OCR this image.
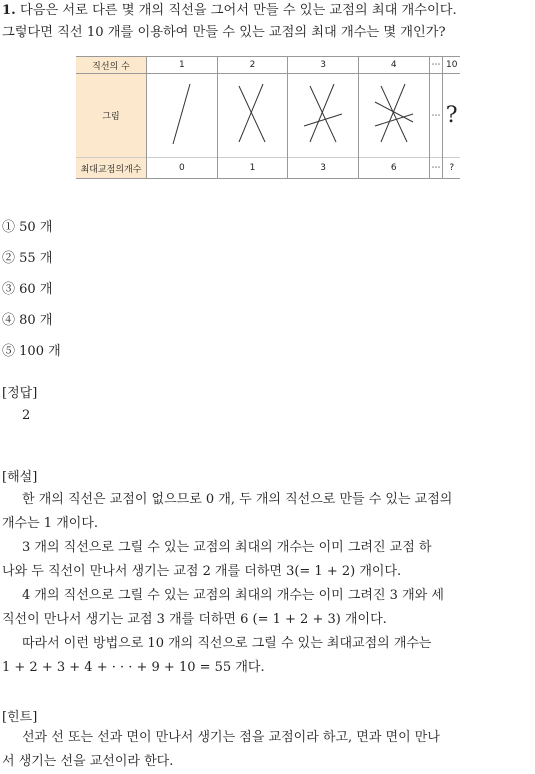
1. 다음은 서로 다른 몇 개의 직선을 그어서 만들 수 있는 교점의 최대 개수이다.
그렇다면 직선 10 개를 이용하여 만들 수 있는 교점의 최대 개수는 몇 개인가?
직선의 수	1	2	3	4	⋯	10
그림					⋯	?
최대교점의개수	0	1	3	6	⋯	?
① 50 개
② 55 개
③ 60 개
④ 80 개
⑤ 100 개
[정답]
2
[해설]
한 개의 직선은 교점이 없으므로 0 개, 두 개의 직선으로 만들 수 있는 교점의
개수는 1 개이다.
3 개의 직선으로 그릴 수 있는 교점의 최대의 개수는 이미 그려진 교점 하
나와 두 직선이 만나서 생기는 교점 2 개를 더하면 3(= 1 + 2) 개이다.
4 개의 직선으로 그릴 수 있는 교점의 최대의 개수는 이미 그려진 3 개와 세
직선이 만나서 생기는 교점 3 개를 더하면 6 (= 1 + 2 + 3) 개이다.
따라서 이런 방법으로 10 개의 직선으로 그릴 수 있는 최대교점의 개수는
1 + 2 + 3 + 4 + · · · + 9 + 10 = 55 개다.
[힌트]
선과 선 또는 선과 면이 만나서 생기는 점을 교점이라 하고, 면과 면이 만나
서 생기는 선을 교선이라 한다.
